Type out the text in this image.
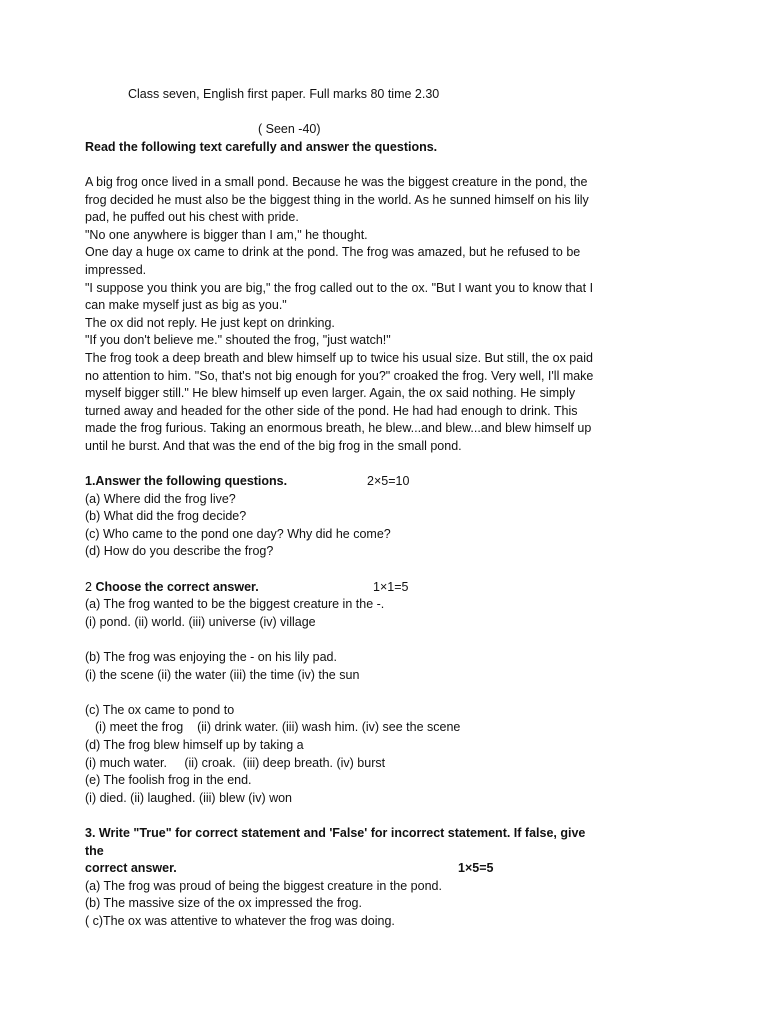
Class seven, English first paper. Full marks 80 time 2.30
( Seen -40)
Read the following text carefully and answer the questions.
A big frog once lived in a small pond. Because he was the biggest creature in the pond, the
frog decided he must also be the biggest thing in the world. As he sunned himself on his lily
pad, he puffed out his chest with pride.
"No one anywhere is bigger than I am," he thought.
One day a huge ox came to drink at the pond. The frog was amazed, but he refused to be
impressed.
"I suppose you think you are big," the frog called out to the ox. "But I want you to know that I
can make myself just as big as you."
The ox did not reply. He just kept on drinking.
"If you don't believe me." shouted the frog, "just watch!"
The frog took a deep breath and blew himself up to twice his usual size. But still, the ox paid
no attention to him. "So, that's not big enough for you?" croaked the frog. Very well, I'll make
myself bigger still." He blew himself up even larger. Again, the ox said nothing. He simply
turned away and headed for the other side of the pond. He had had enough to drink. This
made the frog furious. Taking an enormous breath, he blew...and blew...and blew himself up
until he burst. And that was the end of the big frog in the small pond.
1.Answer the following questions.	2×5=10
(a) Where did the frog live?
(b) What did the frog decide?
(c) Who came to the pond one day? Why did he come?
(d) How do you describe the frog?
2 Choose the correct answer.	1×1=5
(a) The frog wanted to be the biggest creature in the -.
(i) pond. (ii) world. (iii) universe (iv) village
(b) The frog was enjoying the - on his lily pad.
(i) the scene (ii) the water (iii) the time (iv) the sun
(c) The ox came to pond to
(i) meet the frog    (ii) drink water. (iii) wash him. (iv) see the scene
(d) The frog blew himself up by taking a
(i) much water.     (ii) croak.  (iii) deep breath. (iv) burst
(e) The foolish frog in the end.
(i) died. (ii) laughed. (iii) blew (iv) won
3. Write "True" for correct statement and 'False' for incorrect statement. If false, give
the
correct answer.	1×5=5
(a) The frog was proud of being the biggest creature in the pond.
(b) The massive size of the ox impressed the frog.
( c)The ox was attentive to whatever the frog was doing.
